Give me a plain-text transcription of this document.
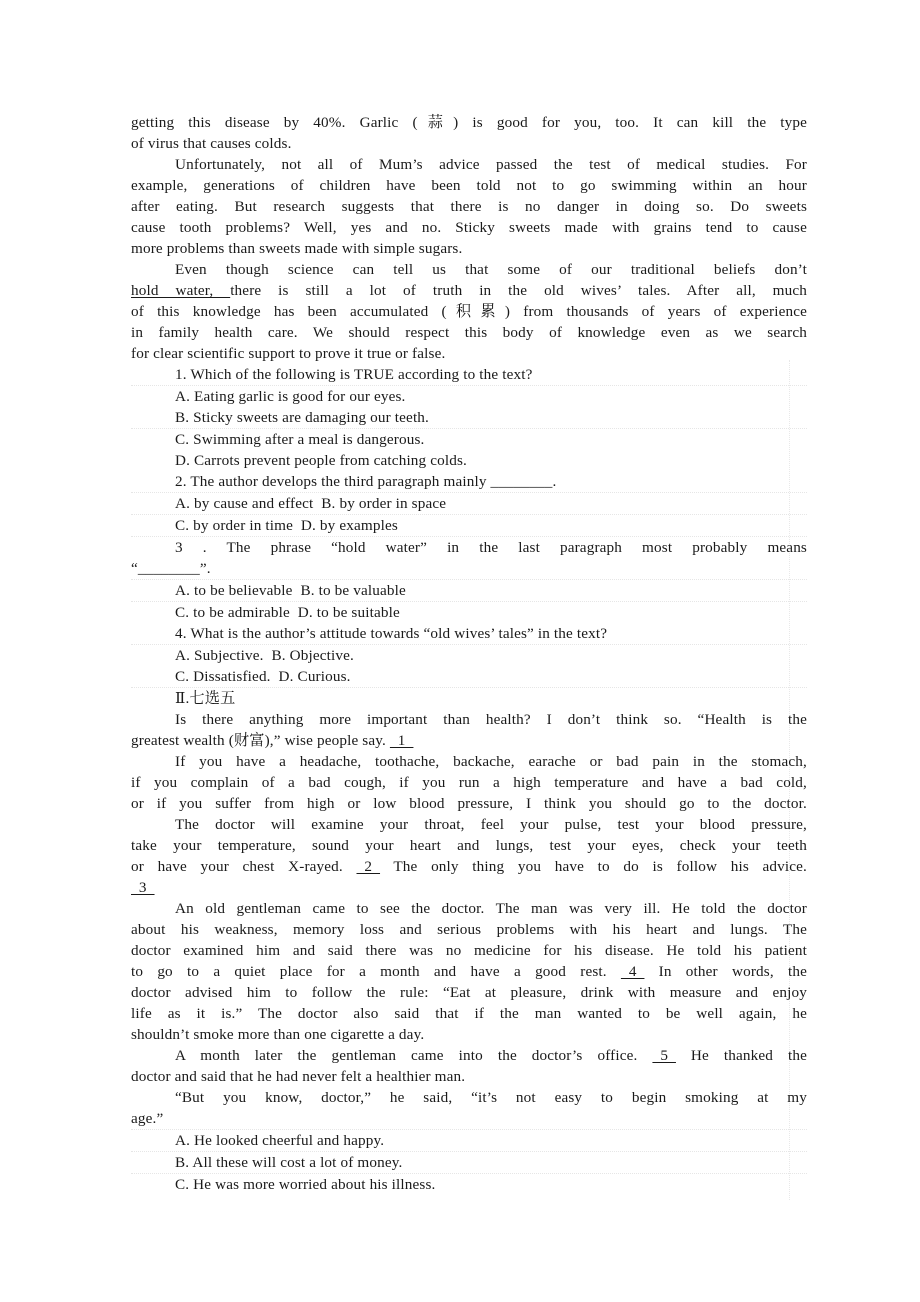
getting this disease by 40%. Garlic (蒜) is good for you, too. It can kill the type
of virus that causes colds.
Unfortunately, not all of Mum’s advice passed the test of medical studies. For
example, generations of children have been told not to go swimming within an hour
after eating. But research suggests that there is no danger in doing so. Do sweets
cause tooth problems? Well, yes and no. Sticky sweets made with grains tend to cause
more problems than sweets made with simple sugars.
Even though science can tell us that some of our traditional beliefs don’t
hold water, there is still a lot of truth in the old wives’ tales. After all, much
of this knowledge has been accumulated (积累) from thousands of years of experience
in family health care. We should respect this body of knowledge even as we search
for clear scientific support to prove it true or false.
1. Which of the following is TRUE according to the text?
A. Eating garlic is good for our eyes.
B. Sticky sweets are damaging our teeth.
C. Swimming after a meal is dangerous.
D. Carrots prevent people from catching colds.
2. The author develops the third paragraph mainly ________.
A. by cause and effect  B. by order in space
C. by order in time  D. by examples
3 . The phrase “hold water” in the last paragraph most probably means
“________”.
A. to be believable  B. to be valuable
C. to be admirable  D. to be suitable
4. What is the author’s attitude towards “old wives’ tales” in the text?
A. Subjective.  B. Objective.
C. Dissatisfied.  D. Curious.
Ⅱ.七选五
Is there anything more important than health? I don’t think so. “Health is the
greatest wealth (财富),” wise people say.   1
If you have a headache, toothache, backache, earache or bad pain in the stomach,
if you complain of a bad cough, if you run a high temperature and have a bad cold,
or if you suffer from high or low blood pressure, I think you should go to the doctor.
The doctor will examine your throat, feel your pulse, test your blood pressure,
take your temperature, sound your heart and lungs, test your eyes, check your teeth
or have your chest X-rayed.   2   The only thing you have to do is follow his advice.
3
An old gentleman came to see the doctor. The man was very ill. He told the doctor
about his weakness, memory loss and serious problems with his heart and lungs. The
doctor examined him and said there was no medicine for his disease. He told his patient
to go to a quiet place for a month and have a good rest.   4   In other words, the
doctor advised him to follow the rule: “Eat at pleasure, drink with measure and enjoy
life as it is.” The doctor also said that if the man wanted to be well again, he
shouldn’t smoke more than one cigarette a day.
A month later the gentleman came into the doctor’s office.   5   He thanked the
doctor and said that he had never felt a healthier man.
“But you know, doctor,” he said, “it’s not easy to begin smoking at my
age.”
A. He looked cheerful and happy.
B. All these will cost a lot of money.
C. He was more worried about his illness.
